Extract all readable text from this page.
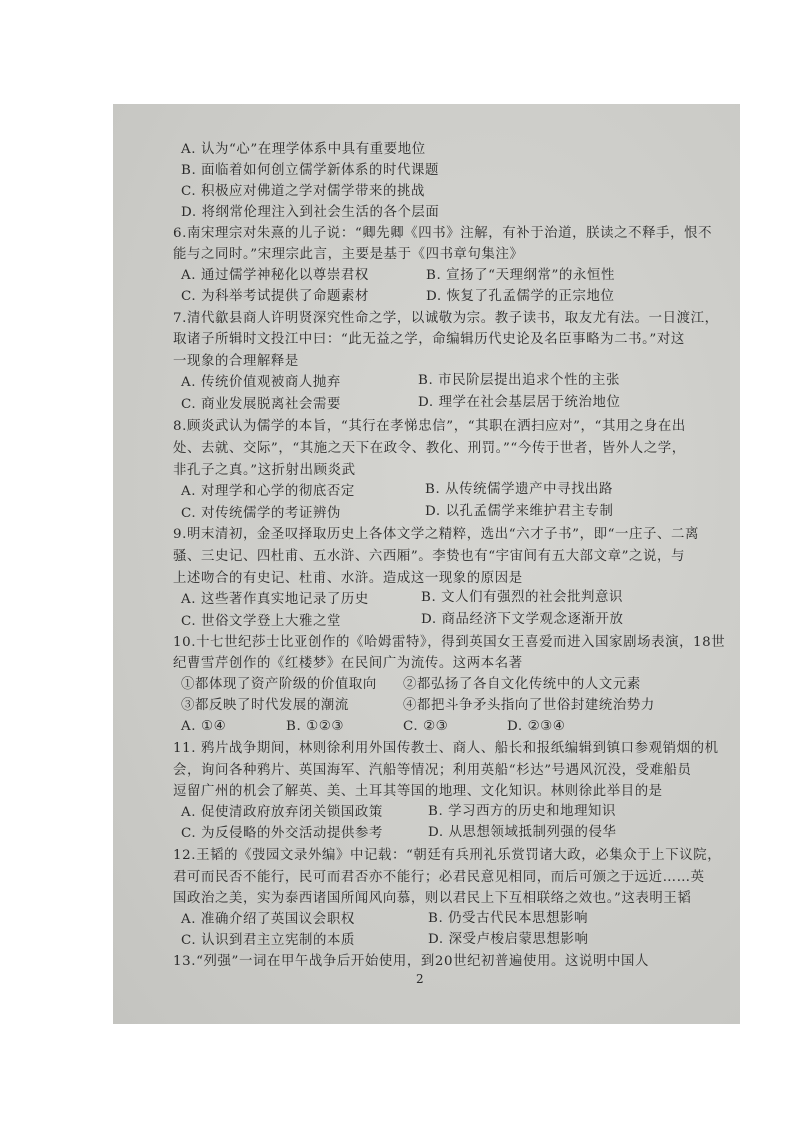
A. 认为“心”在理学体系中具有重要地位
B. 面临着如何创立儒学新体系的时代课题
C. 积极应对佛道之学对儒学带来的挑战
D. 将纲常伦理注入到社会生活的各个层面
6.南宋理宗对朱熹的儿子说：“卿先卿《四书》注解，有补于治道，朕读之不释手，恨不
能与之同时。”宋理宗此言，主要是基于《四书章句集注》
A. 通过儒学神秘化以尊崇君权	B. 宣扬了“天理纲常”的永恒性
C. 为科举考试提供了命题素材	D. 恢复了孔孟儒学的正宗地位
7.清代歙县商人许明贤深究性命之学，以诚敬为宗。教子读书，取友尤有法。一日渡江，
取诸子所辑时文投江中曰：“此无益之学，命编辑历代史论及名臣事略为二书。”对这
一现象的合理解释是
A. 传统价值观被商人抛弃	B. 市民阶层提出追求个性的主张
C. 商业发展脱离社会需要	D. 理学在社会基层居于统治地位
8.顾炎武认为儒学的本旨，“其行在孝悌忠信”，“其职在洒扫应对”，“其用之身在出
处、去就、交际”，“其施之天下在政令、教化、刑罚。”“今传于世者，皆外人之学，
非孔子之真。”这折射出顾炎武
A. 对理学和心学的彻底否定	B. 从传统儒学遗产中寻找出路
C. 对传统儒学的考证辨伪	D. 以孔孟儒学来维护君主专制
9.明末清初，金圣叹择取历史上各体文学之精粹，选出“六才子书”，即“一庄子、二离
骚、三史记、四杜甫、五水浒、六西厢”。李贽也有“宇宙间有五大部文章”之说，与
上述吻合的有史记、杜甫、水浒。造成这一现象的原因是
A. 这些著作真实地记录了历史	B. 文人们有强烈的社会批判意识
C. 世俗文学登上大雅之堂	D. 商品经济下文学观念逐渐开放
10.十七世纪莎士比亚创作的《哈姆雷特》，得到英国女王喜爱而进入国家剧场表演，18世
纪曹雪芹创作的《红楼梦》在民间广为流传。这两本名著
①都体现了资产阶级的价值取向 ②都弘扬了各自文化传统中的人文元素
③都反映了时代发展的潮流	④都把斗争矛头指向了世俗封建统治势力
A. ①④	B. ①②③	C. ②③	D. ②③④
11. 鸦片战争期间，林则徐利用外国传教士、商人、船长和报纸编辑到镇口参观销烟的机
会，询问各种鸦片、英国海军、汽船等情况；利用英船“杉达”号遇风沉没，受难船员
逗留广州的机会了解英、美、土耳其等国的地理、文化知识。林则徐此举目的是
A. 促使清政府放弃闭关锁国政策	B. 学习西方的历史和地理知识
C. 为反侵略的外交活动提供参考	D. 从思想领域抵制列强的侵华
12.王韬的《弢园文录外编》中记载：“朝廷有兵刑礼乐赏罚诸大政，必集众于上下议院，
君可而民否不能行，民可而君否亦不能行；必君民意见相同，而后可颁之于远近……英
国政治之美，实为泰西诸国所闻风向慕，则以君民上下互相联络之效也。”这表明王韬
A. 准确介绍了英国议会职权	B. 仍受古代民本思想影响
C. 认识到君主立宪制的本质	D. 深受卢梭启蒙思想影响
13.“列强”一词在甲午战争后开始使用，到20世纪初普遍使用。这说明中国人
2
